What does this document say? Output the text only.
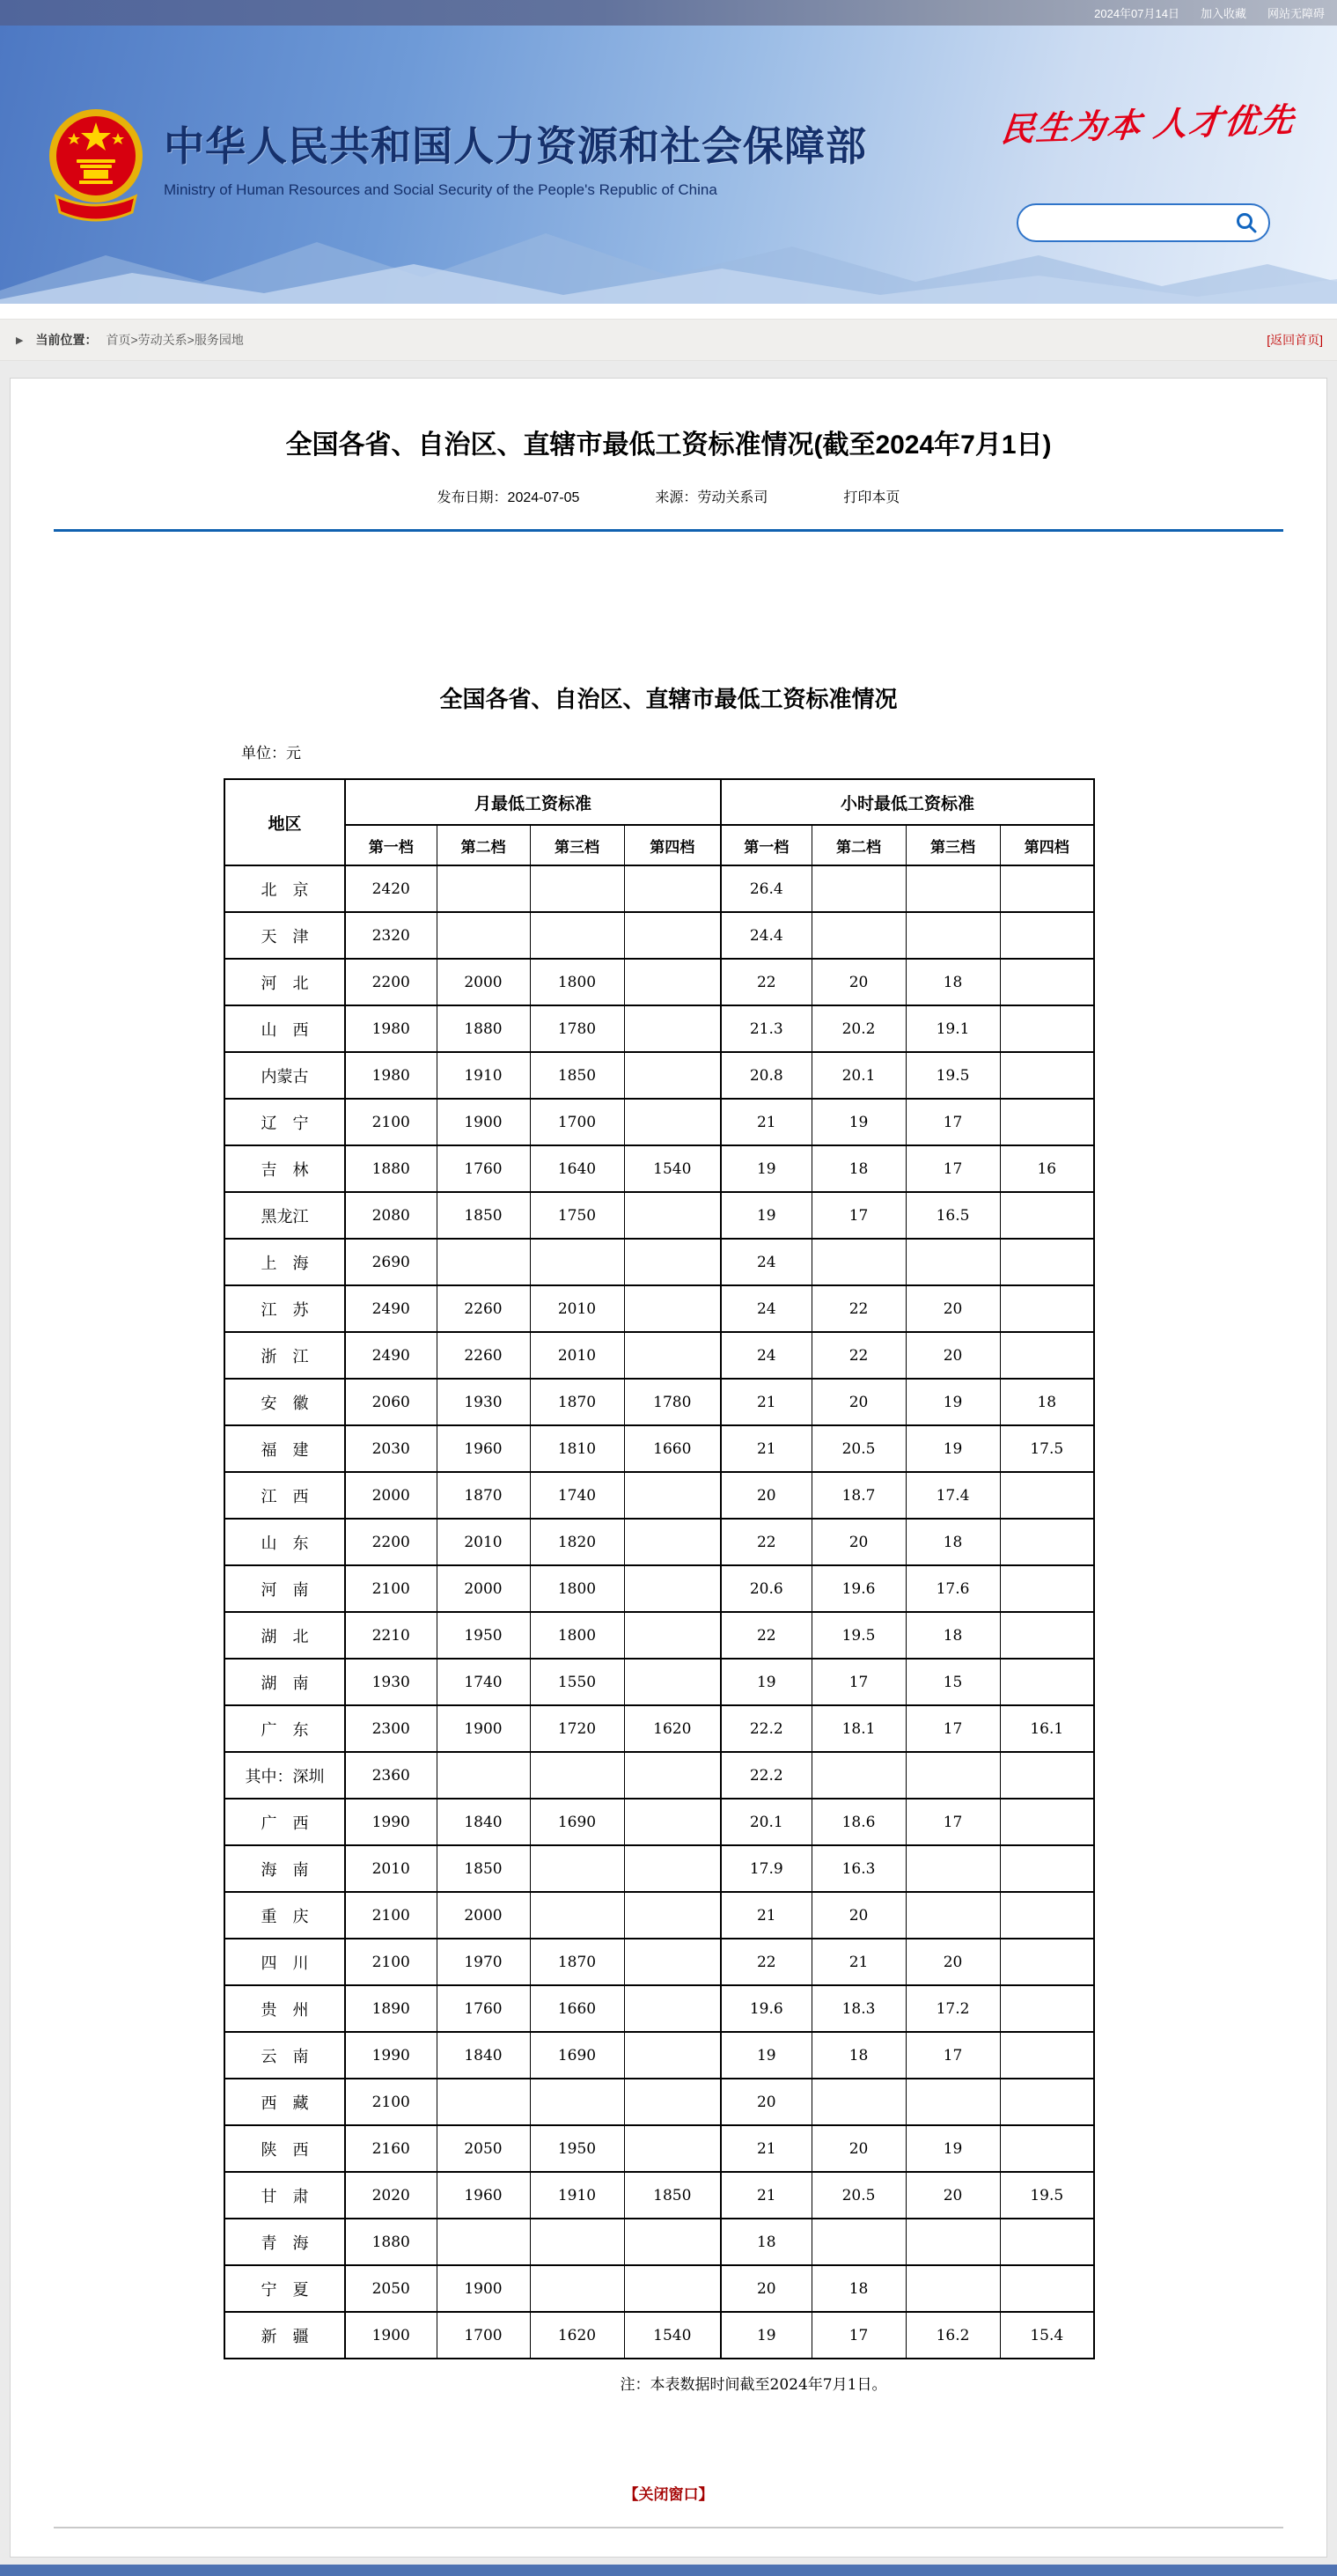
2024年07月14日 加入收藏 网站无障碍
中华人民共和国人力资源和社会保障部
Ministry of Human Resources and Social Security of the People's Republic of China
民生为本 人才优先
▶ 当前位置： 首页>劳动关系>服务园地	[返回首页]
全国各省、自治区、直辖市最低工资标准情况(截至2024年7月1日)
发布日期：2024-07-05	来源：劳动关系司	打印本页
全国各省、自治区、直辖市最低工资标准情况
单位：元
地区	月最低工资标准				小时最低工资标准			
	第一档	第二档	第三档	第四档	第一档	第二档	第三档	第四档
北　京	2420				26.4			
天　津	2320				24.4			
河　北	2200	2000	1800		22	20	18	
山　西	1980	1880	1780		21.3	20.2	19.1	
内蒙古	1980	1910	1850		20.8	20.1	19.5	
辽　宁	2100	1900	1700		21	19	17	
吉　林	1880	1760	1640	1540	19	18	17	16
黑龙江	2080	1850	1750		19	17	16.5	
上　海	2690				24			
江　苏	2490	2260	2010		24	22	20	
浙　江	2490	2260	2010		24	22	20	
安　徽	2060	1930	1870	1780	21	20	19	18
福　建	2030	1960	1810	1660	21	20.5	19	17.5
江　西	2000	1870	1740		20	18.7	17.4	
山　东	2200	2010	1820		22	20	18	
河　南	2100	2000	1800		20.6	19.6	17.6	
湖　北	2210	1950	1800		22	19.5	18	
湖　南	1930	1740	1550		19	17	15	
广　东	2300	1900	1720	1620	22.2	18.1	17	16.1
其中：深圳	2360				22.2			
广　西	1990	1840	1690		20.1	18.6	17	
海　南	2010	1850			17.9	16.3		
重　庆	2100	2000			21	20		
四　川	2100	1970	1870		22	21	20	
贵　州	1890	1760	1660		19.6	18.3	17.2	
云　南	1990	1840	1690		19	18	17	
西　藏	2100				20			
陕　西	2160	2050	1950		21	20	19	
甘　肃	2020	1960	1910	1850	21	20.5	20	19.5
青　海	1880				18			
宁　夏	2050	1900			20	18		
新　疆	1900	1700	1620	1540	19	17	16.2	15.4
注：本表数据时间截至2024年7月1日。
【关闭窗口】
